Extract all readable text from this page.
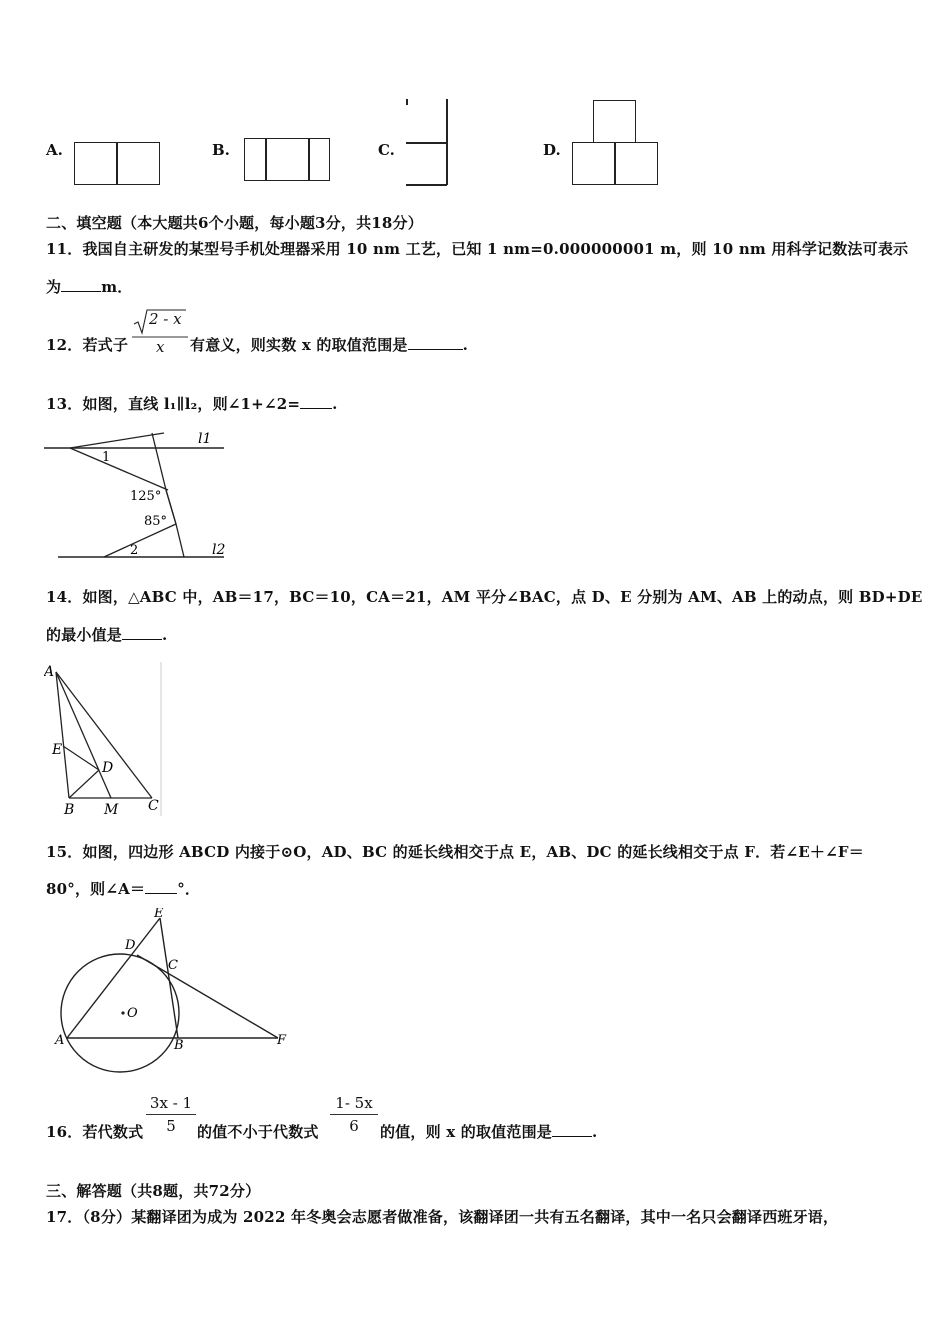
A.	B.	C.	D.
二、填空题（本大题共6个小题，每小题3分，共18分）
11．我国自主研发的某型号手机处理器采用 10 nm 工艺，已知 1 nm=0.000000001 m，则 10 nm 用科学记数法可表示
为	m．
12．若式子
2 - x
x 有意义，则实数 x 的取值范围是	.
13．如图，直线 l₁∥l₂，则∠1+∠2= .
l1
l2
1
2
125°
85°
14．如图，△ABC 中，AB＝17，BC＝10，CA＝21，AM 平分∠BAC，点 D、E 分别为 AM、AB 上的动点，则 BD+DE
的最小值是	.
A
E
D
B M C
15．如图，四边形 ABCD 内接于⊙O，AD、BC 的延长线相交于点 E，AB、DC 的延长线相交于点 F．若∠E＋∠F＝
80°，则∠A＝ °．
E
D
C
O
A	B	F
16．若代数式
3x - 1
5	的值不小于代数式
1- 5x
6	的值，则 x 的取值范围是	.
三、解答题（共8题，共72分）
17．（8分）某翻译团为成为 2022 年冬奥会志愿者做准备，该翻译团一共有五名翻译，其中一名只会翻译西班牙语，
